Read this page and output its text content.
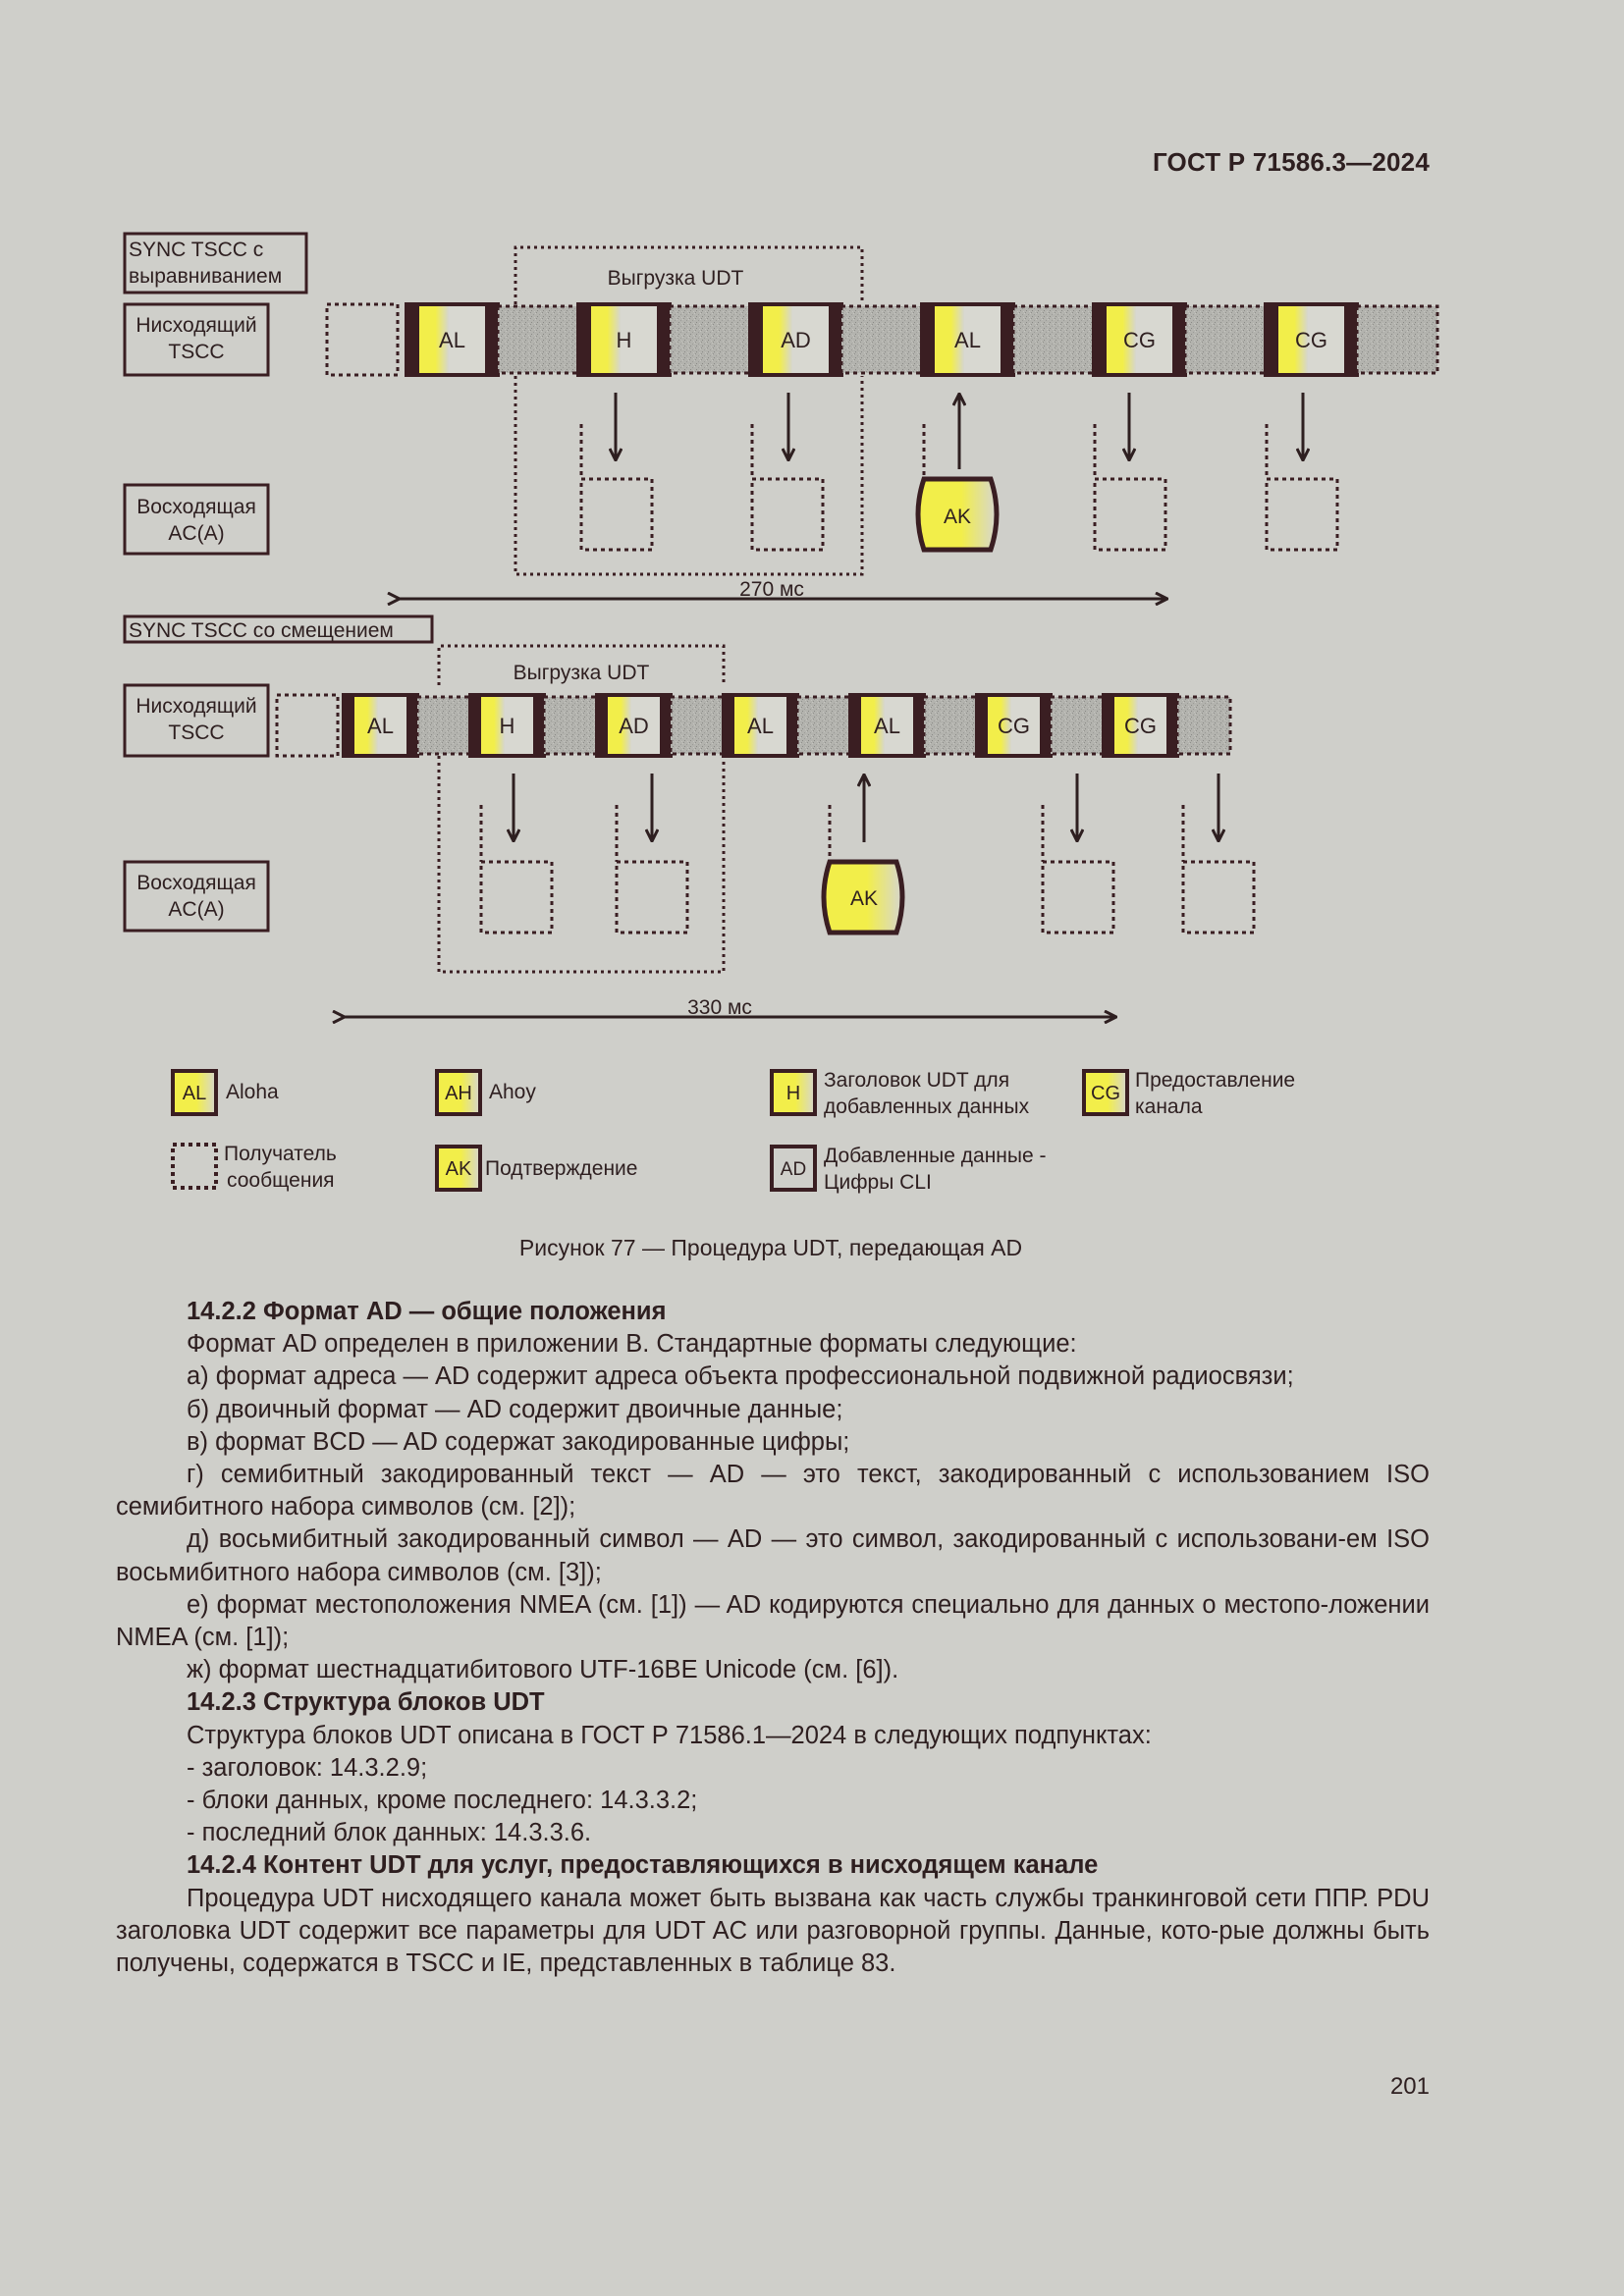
ГОСТ Р 71586.3—2024
SYNC TSCC с
выравниванием
Нисходящий
TSCC
Восходящая
AC(A)
Выгрузка UDT
AL	H	AD	AL	CG	CG
AK
270 мс
SYNC TSCC со смещением
Нисходящий
TSCC
Восходящая
AC(A)
Выгрузка UDT
AL	H	AD	AL	AL	CG	CG
AK
330 мс
AL Aloha	AH Ahoy	H
Заголовок UDT для
добавленных данных
CG
Предоставление
канала
Получатель
сообщения	AK Подтверждение	AD
Добавленные данные -
Цифры CLI
Рисунок 77 — Процедура UDT, передающая AD

14.2.2 Формат AD — общие положения

Формат AD определен в приложении В. Стандартные форматы следующие:

а) формат адреса — AD содержит адреса объекта профессиональной подвижной радиосвязи;

б) двоичный формат — AD содержит двоичные данные;

в) формат BCD — AD содержат закодированные цифры;

г) семибитный закодированный текст — AD — это текст, закодированный с использованием ISO семибитного набора символов (см. [2]);

д) восьмибитный закодированный символ — AD — это символ, закодированный с использовани-ем ISO восьмибитного набора символов (см. [3]);

е) формат местоположения NMEA (см. [1]) — AD кодируются специально для данных о местопо-ложении NMEA (см. [1]);

ж) формат шестнадцатибитового UTF-16BE Unicode (см. [6]).

14.2.3 Структура блоков UDT

Структура блоков UDT описана в ГОСТ Р 71586.1—2024 в следующих подпунктах:

- заголовок: 14.3.2.9;

- блоки данных, кроме последнего: 14.3.3.2;

- последний блок данных: 14.3.3.6.

14.2.4 Контент UDT для услуг, предоставляющихся в нисходящем канале

Процедура UDT нисходящего канала может быть вызвана как часть службы транкинговой сети ППР. PDU заголовка UDT содержит все параметры для UDT AC или разговорной группы. Данные, кото-рые должны быть получены, содержатся в TSCC и IE, представленных в таблице 83.

201
